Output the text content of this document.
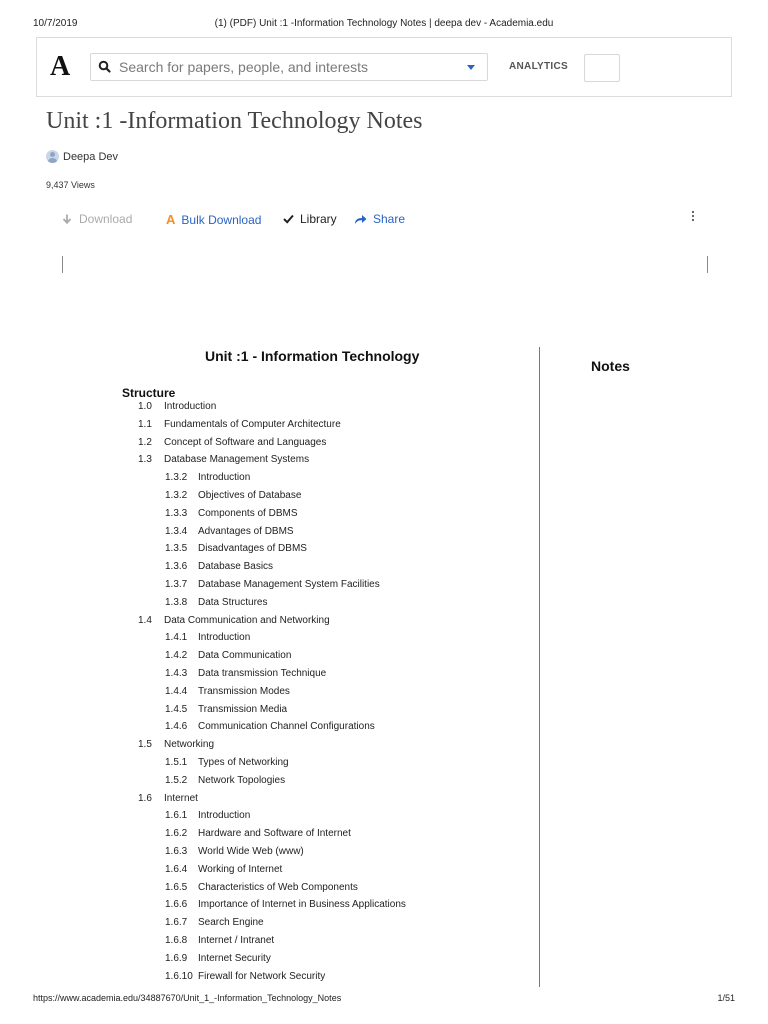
10/7/2019	(1) (PDF) Unit :1 -Information Technology Notes | deepa dev - Academia.edu
A
Search for papers, people, and interests	ANALYTICS
Unit :1 -Information Technology Notes
Deepa Dev
9,437 Views
Download	A Bulk Download	Library	Share
Unit :1 - Information Technology
Notes
Structure
1.0	Introduction
1.1	Fundamentals of Computer Architecture
1.2	Concept of Software and Languages
1.3	Database Management Systems
1.3.2	Introduction
1.3.2	Objectives of Database
1.3.3	Components of DBMS
1.3.4	Advantages of DBMS
1.3.5	Disadvantages of DBMS
1.3.6	Database Basics
1.3.7	Database Management System Facilities
1.3.8	Data Structures
1.4	Data Communication and Networking
1.4.1	Introduction
1.4.2	Data Communication
1.4.3	Data transmission Technique
1.4.4	Transmission Modes
1.4.5	Transmission Media
1.4.6	Communication Channel Configurations
1.5	Networking
1.5.1	Types of Networking
1.5.2	Network Topologies
1.6	Internet
1.6.1	Introduction
1.6.2	Hardware and Software of Internet
1.6.3	World Wide Web (www)
1.6.4	Working of Internet
1.6.5	Characteristics of Web Components
1.6.6	Importance of Internet in Business Applications
1.6.7	Search Engine
1.6.8	Internet / Intranet
1.6.9	Internet Security
1.6.10 Firewall for Network Security
https://www.academia.edu/34887670/Unit_1_-Information_Technology_Notes	1/51
